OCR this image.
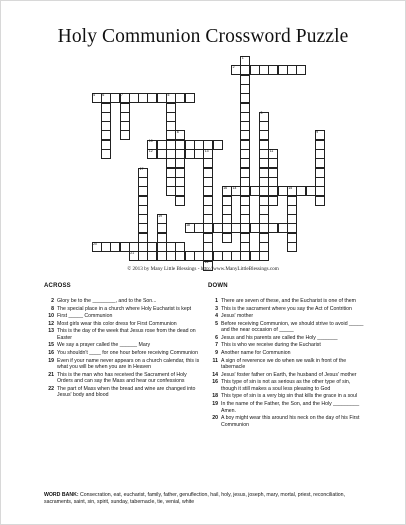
Holy Communion Crossword Puzzle
2
4 6	7	5
10
12	13
14	15
18
20
21
1
17
3
9
8
22
11
19
16
© 2013 by Many Little Blessings - http://www.ManyLittleBlessings.com
ACROSS	DOWN
2 Glory be to the ________, and to the Son...
8 The special place in a church where Holy Eucharist is kept
10 First _____ Communion
12 Most girls wear this color dress for First Communion
13 This is the day of the week that Jesus rose from the dead on Easter
15 We say a prayer called the ______ Mary
16 You shouldn't ____ for one hour before receiving Communion
19 Even if your name never appears on a church calendar, this is what you will be when you are in Heaven
21 This is the man who has received the Sacrament of Holy Orders and can say the Mass and hear our confessions
22 The part of Mass when the bread and wine are changed into Jesus' body and blood
1 There are seven of these, and the Eucharist is one of them
3 This is the sacrament where you say the Act of Contrition
4 Jesus' mother
5 Before receiving Communion, we should strive to avoid _____ and the near occasion of _____
6 Jesus and his parents are called the Holy _______
7 This is who we receive during the Eucharist
9 Another name for Communion
11 A sign of reverence we do when we walk in front of the tabernacle
14 Jesus' foster father on Earth, the husband of Jesus' mother
16 This type of sin is not as serious as the other type of sin, though it still makes a soul less pleasing to God
18 This type of sin is a very big sin that kills the grace in a soul
19 In the name of the Father, the Son, and the Holy _________ Amen.
20 A boy might wear this around his neck on the day of his First Communion
WORD BANK: Consecration, eat, eucharist, family, father, genuflection, hail, holy, jesus, joseph, mary, mortal, priest, reconciliation, sacraments, saint, sin, spirit, sunday, tabernacle, tie, venial, white
